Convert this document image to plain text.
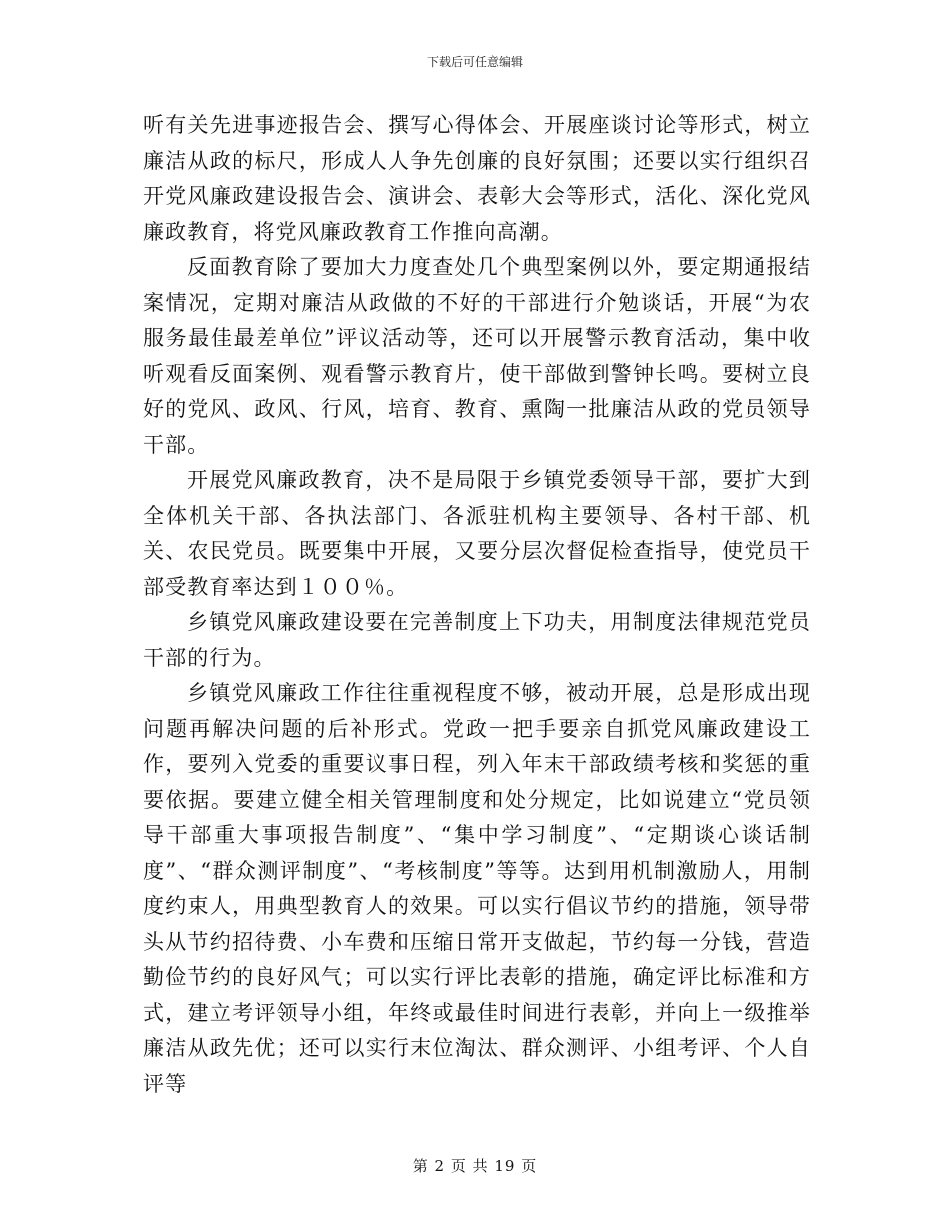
下载后可任意编辑

听有关先进事迹报告会、撰写心得体会、开展座谈讨论等形式，树立廉洁从政的标尺，形成人人争先创廉的良好氛围；还要以实行组织召开党风廉政建设报告会、演讲会、表彰大会等形式，活化、深化党风廉政教育，将党风廉政教育工作推向高潮。

反面教育除了要加大力度查处几个典型案例以外，要定期通报结案情况，定期对廉洁从政做的不好的干部进行介勉谈话，开展“为农服务最佳最差单位”评议活动等，还可以开展警示教育活动，集中收听观看反面案例、观看警示教育片，使干部做到警钟长鸣。要树立良好的党风、政风、行风，培育、教育、熏陶一批廉洁从政的党员领导干部。

开展党风廉政教育，决不是局限于乡镇党委领导干部，要扩大到全体机关干部、各执法部门、各派驻机构主要领导、各村干部、机关、农民党员。既要集中开展，又要分层次督促检查指导，使党员干部受教育率达到１００％。

乡镇党风廉政建设要在完善制度上下功夫，用制度法律规范党员干部的行为。

乡镇党风廉政工作往往重视程度不够，被动开展，总是形成出现问题再解决问题的后补形式。党政一把手要亲自抓党风廉政建设工作，要列入党委的重要议事日程，列入年末干部政绩考核和奖惩的重要依据。要建立健全相关管理制度和处分规定，比如说建立“党员领导干部重大事项报告制度”、“集中学习制度”、“定期谈心谈话制度”、“群众测评制度”、“考核制度”等等。达到用机制激励人，用制度约束人，用典型教育人的效果。可以实行倡议节约的措施，领导带头从节约招待费、小车费和压缩日常开支做起，节约每一分钱，营造勤俭节约的良好风气；可以实行评比表彰的措施，确定评比标准和方式，建立考评领导小组，年终或最佳时间进行表彰，并向上一级推举廉洁从政先优；还可以实行末位淘汰、群众测评、小组考评、个人自评等

第 2 页 共 19 页
